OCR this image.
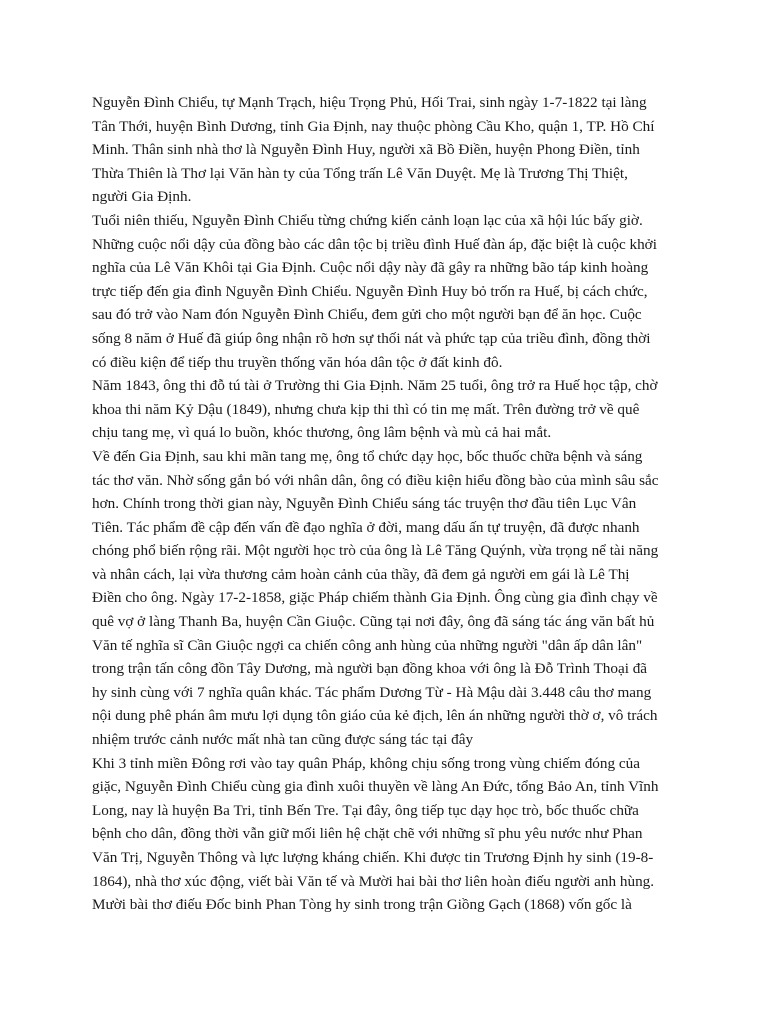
Nguyễn Đình Chiểu, tự Mạnh Trạch, hiệu Trọng Phủ, Hối Trai, sinh ngày 1-7-1822 tại làng
Tân Thới, huyện Bình Dương, tỉnh Gia Định, nay thuộc phòng Cầu Kho, quận 1, TP. Hồ Chí
Minh. Thân sinh nhà thơ là Nguyễn Đình Huy, người xã Bồ Điền, huyện Phong Điền, tỉnh
Thừa Thiên là Thơ lại Văn hàn ty của Tổng trấn Lê Văn Duyệt. Mẹ là Trương Thị Thiệt,
người Gia Định.

Tuổi niên thiếu, Nguyễn Đình Chiểu từng chứng kiến cảnh loạn lạc của xã hội lúc bấy giờ.
Những cuộc nổi dậy của đồng bào các dân tộc bị triều đình Huế đàn áp, đặc biệt là cuộc khởi
nghĩa của Lê Văn Khôi tại Gia Định. Cuộc nổi dậy này đã gây ra những bão táp kinh hoàng
trực tiếp đến gia đình Nguyễn Đình Chiểu. Nguyễn Đình Huy bỏ trốn ra Huế, bị cách chức,
sau đó trở vào Nam đón Nguyễn Đình Chiểu, đem gửi cho một người bạn để ăn học. Cuộc
sống 8 năm ở Huế đã giúp ông nhận rõ hơn sự thối nát và phức tạp của triều đình, đồng thời
có điều kiện để tiếp thu truyền thống văn hóa dân tộc ở đất kinh đô.

Năm 1843, ông thi đỗ tú tài ở Trường thi Gia Định. Năm 25 tuổi, ông trở ra Huế học tập, chờ
khoa thi năm Kỷ Dậu (1849), nhưng chưa kịp thi thì có tin mẹ mất. Trên đường trở về quê
chịu tang mẹ, vì quá lo buồn, khóc thương, ông lâm bệnh và mù cả hai mắt.

Về đến Gia Định, sau khi mãn tang mẹ, ông tổ chức dạy học, bốc thuốc chữa bệnh và sáng
tác thơ văn. Nhờ sống gắn bó với nhân dân, ông có điều kiện hiểu đồng bào của mình sâu sắc
hơn. Chính trong thời gian này, Nguyễn Đình Chiểu sáng tác truyện thơ đầu tiên Lục Vân
Tiên. Tác phẩm đề cập đến vấn đề đạo nghĩa ở đời, mang dấu ấn tự truyện, đã được nhanh
chóng phổ biến rộng rãi. Một người học trò của ông là Lê Tăng Quýnh, vừa trọng nể tài năng
và nhân cách, lại vừa thương cảm hoàn cảnh của thầy, đã đem gả người em gái là Lê Thị
Điền cho ông. Ngày 17-2-1858, giặc Pháp chiếm thành Gia Định. Ông cùng gia đình chạy về
quê vợ ở làng Thanh Ba, huyện Cần Giuộc. Cũng tại nơi đây, ông đã sáng tác áng văn bất hủ
Văn tế nghĩa sĩ Cần Giuộc ngợi ca chiến công anh hùng của những người "dân ấp dân lân"
trong trận tấn công đồn Tây Dương, mà người bạn đồng khoa với ông là Đỗ Trình Thoại đã
hy sinh cùng với 7 nghĩa quân khác. Tác phẩm Dương Từ - Hà Mậu dài 3.448 câu thơ mang
nội dung phê phán âm mưu lợi dụng tôn giáo của kẻ địch, lên án những người thờ ơ, vô trách
nhiệm trước cảnh nước mất nhà tan cũng được sáng tác tại đây

Khi 3 tỉnh miền Đông rơi vào tay quân Pháp, không chịu sống trong vùng chiếm đóng của
giặc, Nguyễn Đình Chiểu cùng gia đình xuôi thuyền về làng An Đức, tổng Bảo An, tỉnh Vĩnh
Long, nay là huyện Ba Tri, tỉnh Bến Tre. Tại đây, ông tiếp tục dạy học trò, bốc thuốc chữa
bệnh cho dân, đồng thời vẫn giữ mối liên hệ chặt chẽ với những sĩ phu yêu nước như Phan
Văn Trị, Nguyễn Thông và lực lượng kháng chiến. Khi được tin Trương Định hy sinh (19-8-
1864), nhà thơ xúc động, viết bài Văn tế và Mười hai bài thơ liên hoàn điếu người anh hùng.
Mười bài thơ điếu Đốc binh Phan Tòng hy sinh trong trận Giồng Gạch (1868) vốn gốc là
